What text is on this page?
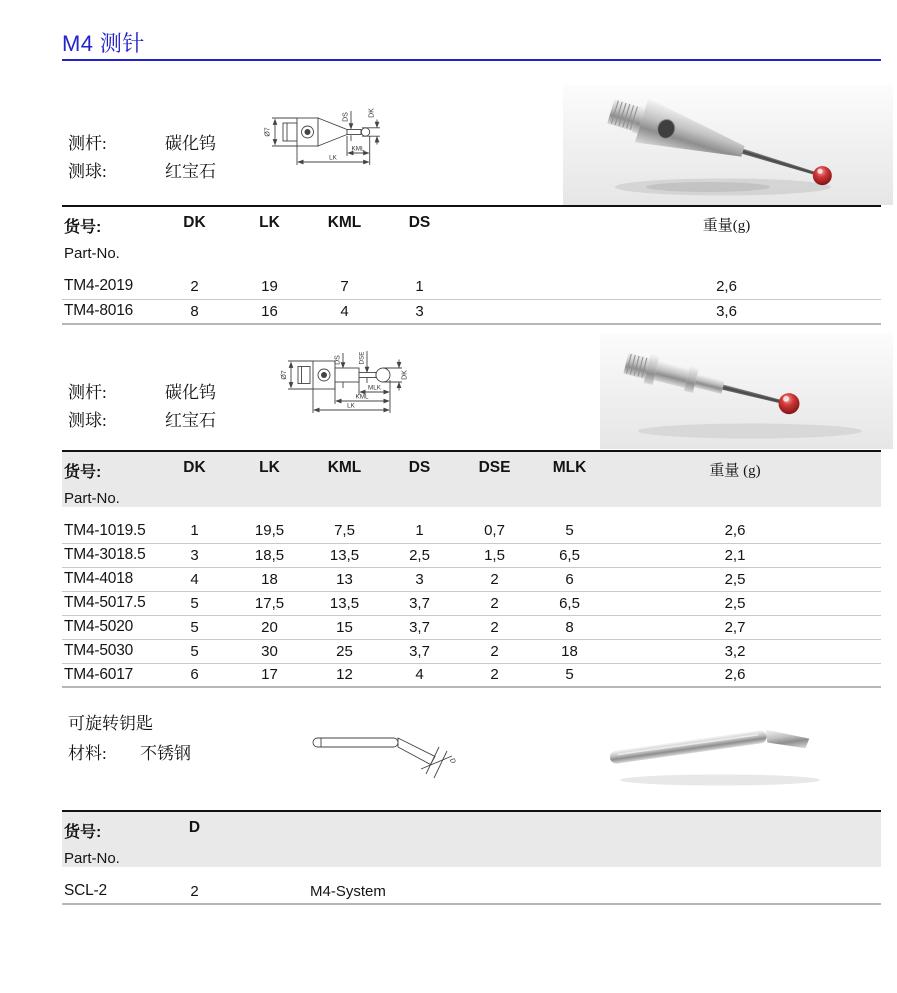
M4 测针
测杆:	碳化钨
测球:	红宝石
Ø7
DS	DK
KML
LK
货号:
Part-No.	DK	LK	KML	DS	重量(g)

TM4-2019	2	19	7	1	2,6
TM4-8016	8	16	4	3	3,6
测杆:	碳化钨
测球:	红宝石
Ø7
DS	DSE
DK
MLK
KML
LK
货号:
Part-No.	DK	LK	KML	DS	DSE	MLK	重量 (g)

TM4-1019.5	1	19,5	7,5	1	0,7	5	2,6
TM4-3018.5	3	18,5	13,5	2,5	1,5	6,5	2,1
TM4-4018	4	18	13	3	2	6	2,5
TM4-5017.5	5	17,5	13,5	3,7	2	6,5	2,5
TM4-5020	5	20	15	3,7	2	8	2,7
TM4-5030	5	30	25	3,7	2	18	3,2
TM4-6017	6	17	12	4	2	5	2,6
可旋转钥匙
材料:	不锈钢	D
货号:
Part-No.	D		

SCL-2	2	M4-System	
